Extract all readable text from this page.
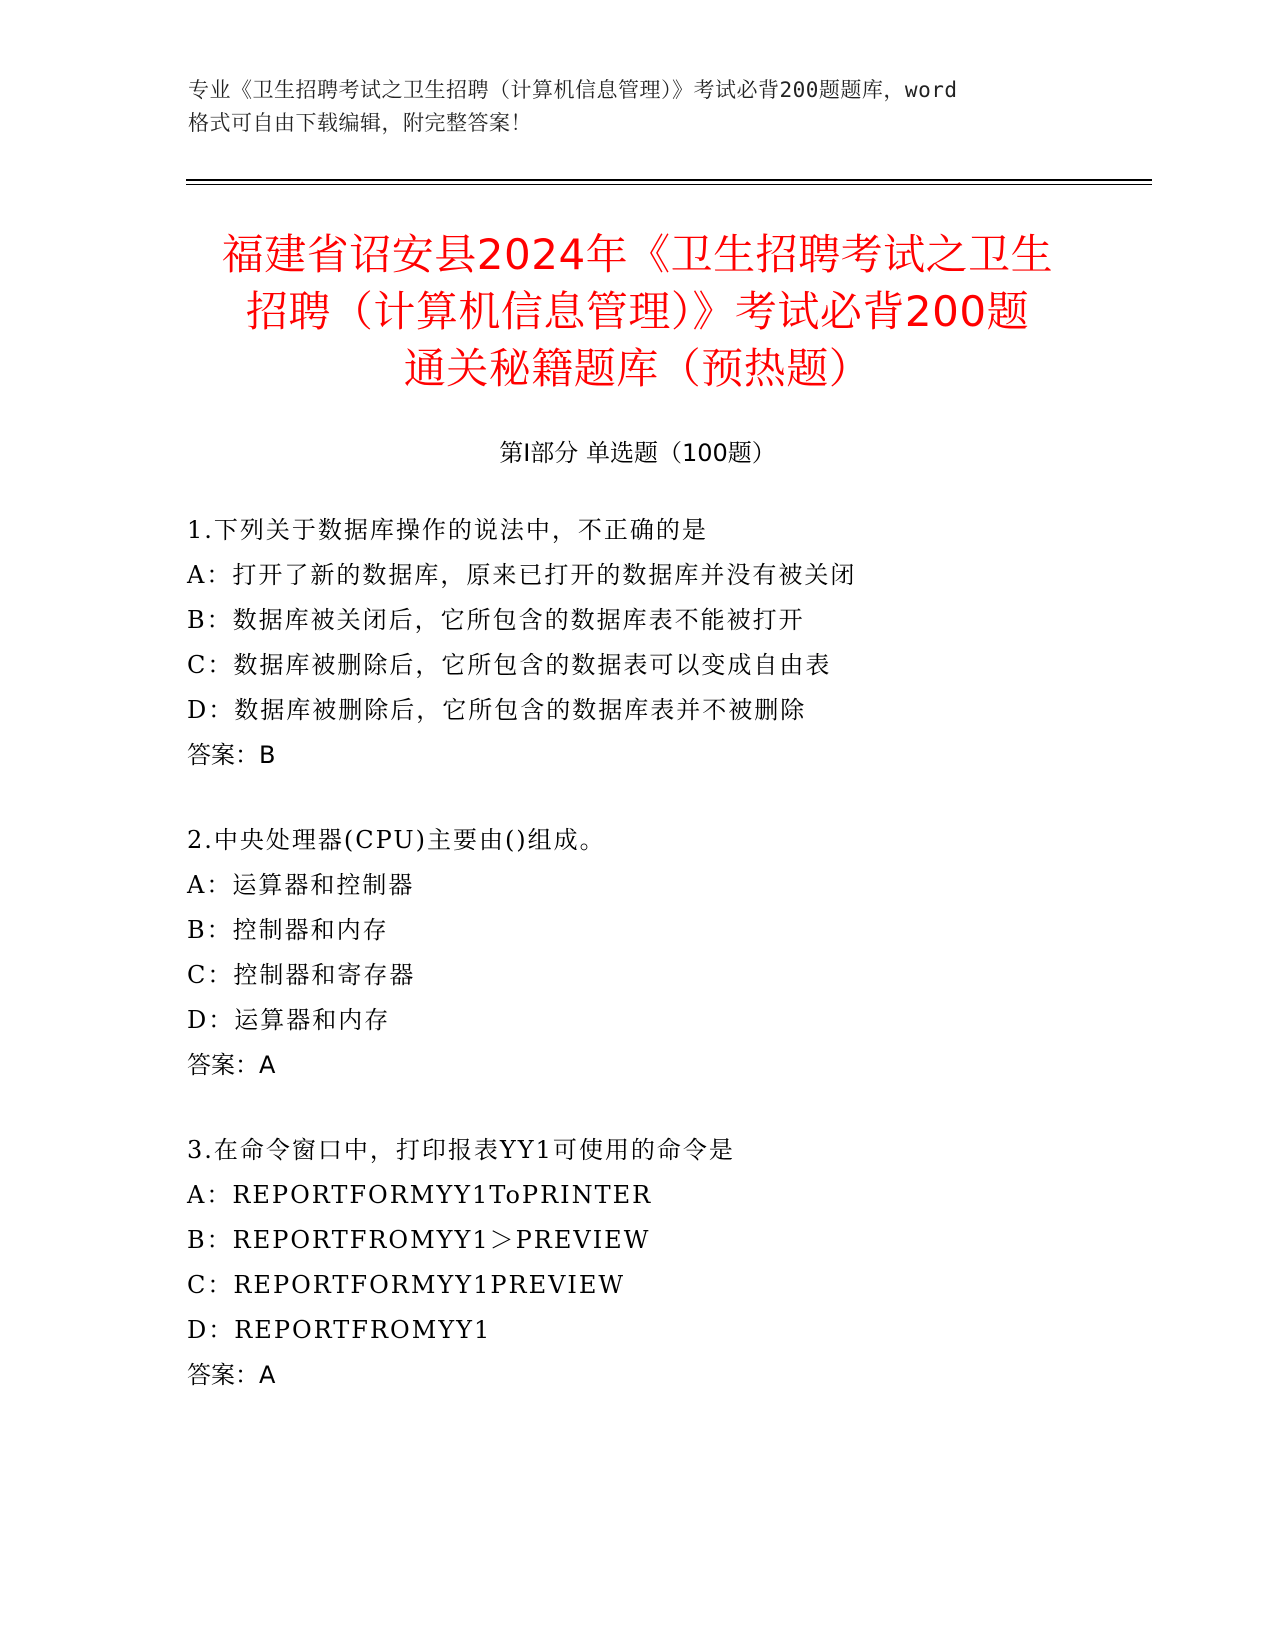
专业《卫生招聘考试之卫生招聘（计算机信息管理）》考试必背200题题库，word
格式可自由下载编辑，附完整答案！
福建省诏安县2024年《卫生招聘考试之卫生
招聘（计算机信息管理）》考试必背200题
通关秘籍题库（预热题）
第I部分 单选题（100题）
1.下列关于数据库操作的说法中，不正确的是
A：打开了新的数据库，原来已打开的数据库并没有被关闭
B：数据库被关闭后，它所包含的数据库表不能被打开
C：数据库被删除后，它所包含的数据表可以变成自由表
D：数据库被删除后，它所包含的数据库表并不被删除
答案：B
2.中央处理器(CPU)主要由()组成。
A：运算器和控制器
B：控制器和内存
C：控制器和寄存器
D：运算器和内存
答案：A
3.在命令窗口中，打印报表YY1可使用的命令是
A：REPORTFORMYY1ToPRINTER
B：REPORTFROMYY1＞PREVIEW
C：REPORTFORMYY1PREVIEW
D：REPORTFROMYY1
答案：A
